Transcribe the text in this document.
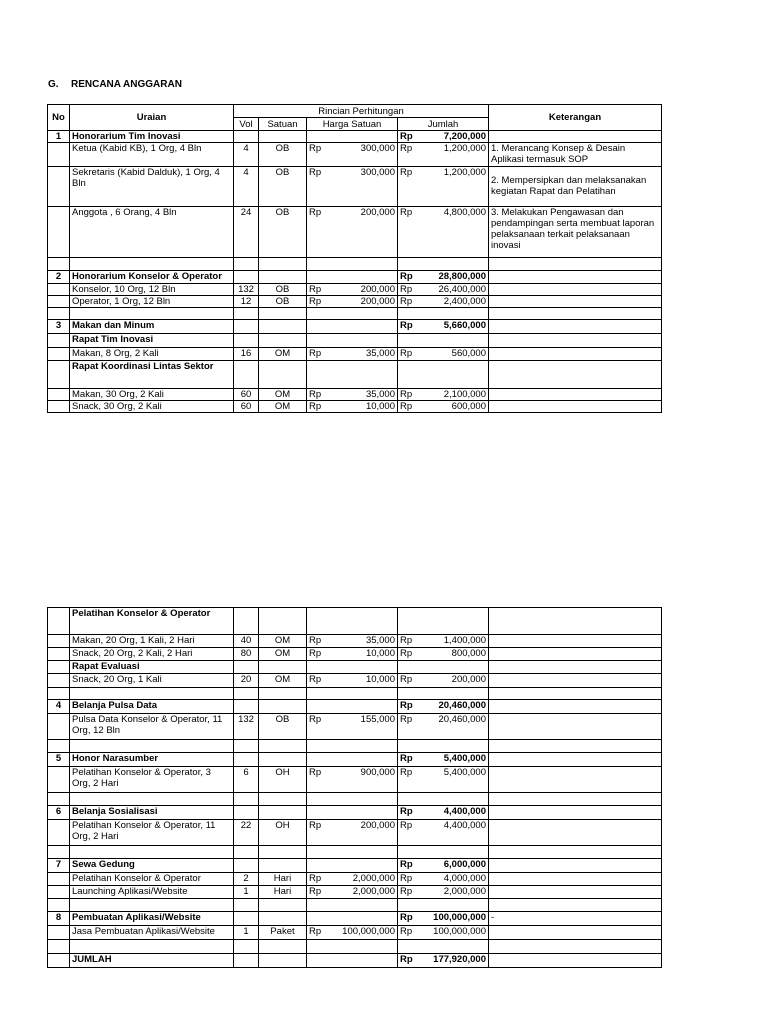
G. RENCANA ANGGARAN
No	Uraian	Rincian Perhitungan				Keterangan
		Vol	Satuan	Harga Satuan	Jumlah	
1	Honorarium Tim Inovasi				Rp 7,200,000	

	Ketua (Kabid KB), 1 Org, 4 Bln	4	OB	Rp 300,000	Rp 1,200,000	1. Merancang Konsep & Desain Aplikasi termasuk SOP
	Sekretaris (Kabid Dalduk), 1 Org, 4 Bln	4	OB	Rp 300,000	Rp 1,200,000	2. Mempersipkan dan melaksanakan kegiatan Rapat dan Pelatihan
	Anggota , 6 Orang, 4 Bln	24	OB	Rp 200,000	Rp 4,800,000	3. Melakukan Pengawasan dan pendampingan serta membuat laporan pelaksanaan terkait pelaksanaan inovasi

2	Honorarium Konselor & Operator				Rp 28,800,000	

	Konselor, 10 Org, 12 Bln	132	OB	Rp 200,000	Rp 26,400,000	

	Operator, 1 Org, 12 Bln	12	OB	Rp 200,000	Rp 2,400,000	

3	Makan dan Minum				Rp 5,660,000	

	Rapat Tim Inovasi					
	Makan, 8 Org, 2 Kali	16	OM	Rp 35,000	Rp 560,000	

	Rapat Koordinasi Lintas Sektor					
	Makan, 30 Org, 2 Kali	60	OM	Rp 35,000	Rp 2,100,000	

	Snack, 30 Org, 2 Kali	60	OM	Rp 10,000	Rp 600,000	

	Pelatihan Konselor & Operator					
	Makan, 20 Org, 1 Kali, 2 Hari	40	OM	Rp 35,000	Rp 1,400,000	

	Snack, 20 Org, 2 Kali, 2 Hari	80	OM	Rp 10,000	Rp 800,000	

	Rapat Evaluasi					
	Snack, 20 Org, 1 Kali	20	OM	Rp 10,000	Rp 200,000	

4	Belanja Pulsa Data				Rp 20,460,000	

	Pulsa Data Konselor & Operator, 11 Org, 12 Bln	132	OB	Rp 155,000	Rp 20,460,000	

5	Honor Narasumber				Rp 5,400,000	

	Pelatihan Konselor & Operator, 3 Org, 2 Hari	6	OH	Rp 900,000	Rp 5,400,000	

6	Belanja Sosialisasi				Rp 4,400,000	

	Pelatihan Konselor & Operator, 11 Org, 2 Hari	22	OH	Rp 200,000	Rp 4,400,000	

7	Sewa Gedung				Rp 6,000,000	

	Pelatihan Konselor & Operator	2	Hari	Rp 2,000,000	Rp 4,000,000	

	Launching Aplikasi/Website	1	Hari	Rp 2,000,000	Rp 2,000,000	

8	Pembuatan Aplikasi/Website				Rp 100,000,000	-
	Jasa Pembuatan Aplikasi/Website	1	Paket	Rp 100,000,000	Rp 100,000,000	

	JUMLAH				Rp 177,920,000	
